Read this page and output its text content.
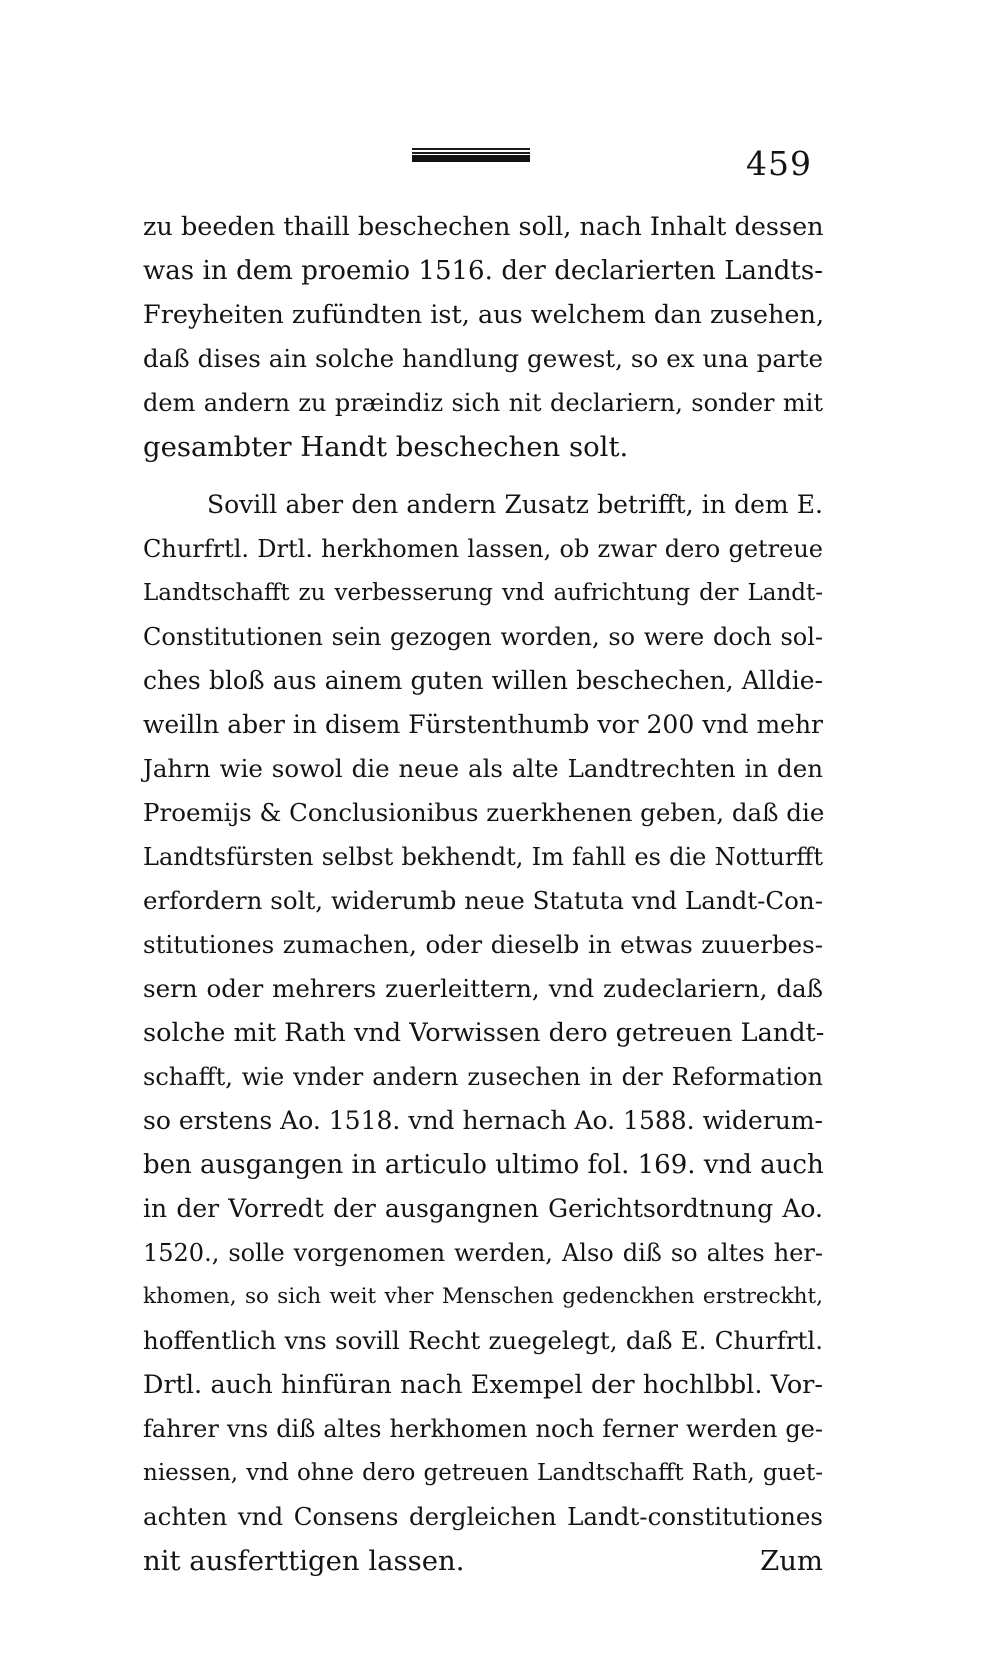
459
zu beeden thaill beschechen soll, nach Inhalt dessen
was in dem proemio 1516. der declarierten Landts-
Freyheiten zufündten ist, aus welchem dan zusehen,
daß dises ain solche handlung gewest, so ex una parte
dem andern zu præindiz sich nit declariern, sonder mit
gesambter Handt beschechen solt.
Sovill aber den andern Zusatz betrifft, in dem E.
Churfrtl. Drtl. herkhomen lassen, ob zwar dero getreue
Landtschafft zu verbesserung vnd aufrichtung der Landt-
Constitutionen sein gezogen worden, so were doch sol-
ches bloß aus ainem guten willen beschechen, Alldie-
weilln aber in disem Fürstenthumb vor 200 vnd mehr
Jahrn wie sowol die neue als alte Landtrechten in den
Proemijs & Conclusionibus zuerkhenen geben, daß die
Landtsfürsten selbst bekhendt, Im fahll es die Notturfft
erfordern solt, widerumb neue Statuta vnd Landt-Con-
stitutiones zumachen, oder dieselb in etwas zuuerbes-
sern oder mehrers zuerleittern, vnd zudeclariern, daß
solche mit Rath vnd Vorwissen dero getreuen Landt-
schafft, wie vnder andern zusechen in der Reformation
so erstens Ao. 1518. vnd hernach Ao. 1588. widerum-
ben ausgangen in articulo ultimo fol. 169. vnd auch
in der Vorredt der ausgangnen Gerichtsordtnung Ao.
1520., solle vorgenomen werden, Also diß so altes her-
khomen, so sich weit vher Menschen gedenckhen erstreckht,
hoffentlich vns sovill Recht zuegelegt, daß E. Churfrtl.
Drtl. auch hinfüran nach Exempel der hochlbbl. Vor-
fahrer vns diß altes herkhomen noch ferner werden ge-
niessen, vnd ohne dero getreuen Landtschafft Rath, guet-
achten vnd Consens dergleichen Landt-constitutiones
nit ausferttigen lassen.	Zum
